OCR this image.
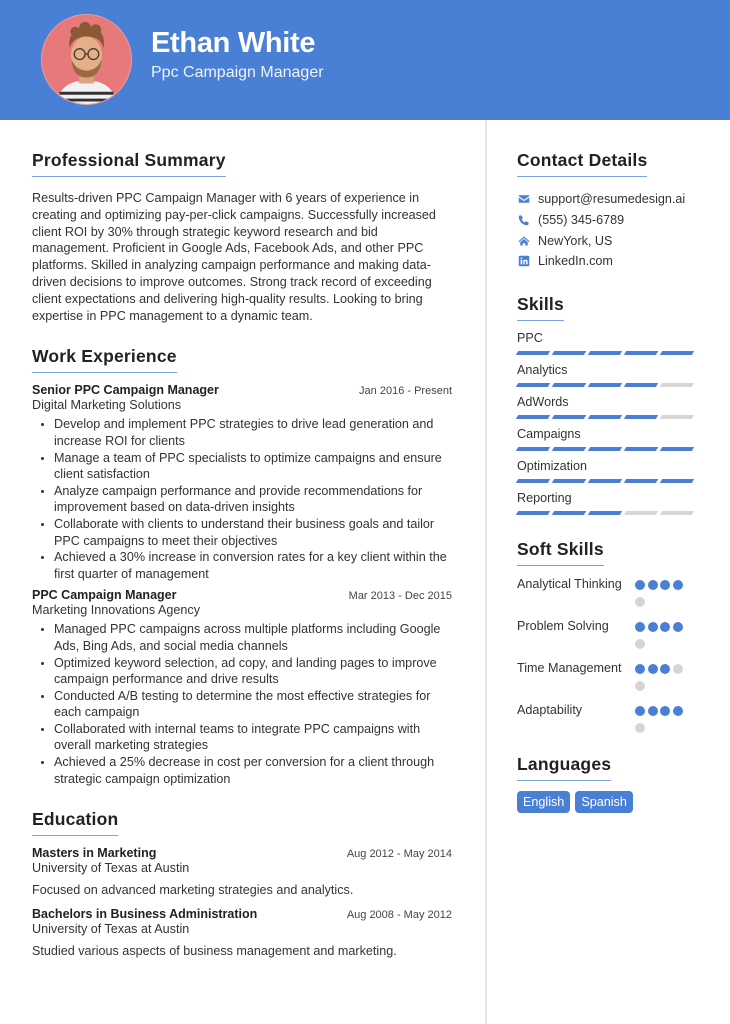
Ethan White
Ppc Campaign Manager
Professional Summary

Results-driven PPC Campaign Manager with 6 years of experience in creating and optimizing pay-per-click campaigns. Successfully increased client ROI by 30% through strategic keyword research and bid management. Proficient in Google Ads, Facebook Ads, and other PPC platforms. Skilled in analyzing campaign performance and making data-driven decisions to improve outcomes. Strong track record of exceeding client expectations and delivering high-quality results. Looking to bring expertise in PPC management to a dynamic team.

Work Experience
Senior PPC Campaign Manager	Jan 2016 - Present
Digital Marketing Solutions
• Develop and implement PPC strategies to drive lead generation and increase ROI for clients
• Manage a team of PPC specialists to optimize campaigns and ensure client satisfaction
• Analyze campaign performance and provide recommendations for improvement based on data-driven insights
• Collaborate with clients to understand their business goals and tailor PPC campaigns to meet their objectives
• Achieved a 30% increase in conversion rates for a key client within the first quarter of management
PPC Campaign Manager	Mar 2013 - Dec 2015
Marketing Innovations Agency
• Managed PPC campaigns across multiple platforms including Google Ads, Bing Ads, and social media channels
• Optimized keyword selection, ad copy, and landing pages to improve campaign performance and drive results
• Conducted A/B testing to determine the most effective strategies for each campaign
• Collaborated with internal teams to integrate PPC campaigns with overall marketing strategies
• Achieved a 25% decrease in cost per conversion for a client through strategic campaign optimization
Education
Masters in Marketing	Aug 2012 - May 2014
University of Texas at Austin
Focused on advanced marketing strategies and analytics.
Bachelors in Business Administration	Aug 2008 - May 2012
University of Texas at Austin
Studied various aspects of business management and marketing.
Contact Details
support@resumedesign.ai
(555) 345-6789
NewYork, US
LinkedIn.com
Skills
PPC
Analytics
AdWords
Campaigns
Optimization
Reporting
Soft Skills
Analytical Thinking
Problem Solving
Time Management
Adaptability
Languages
English	Spanish
